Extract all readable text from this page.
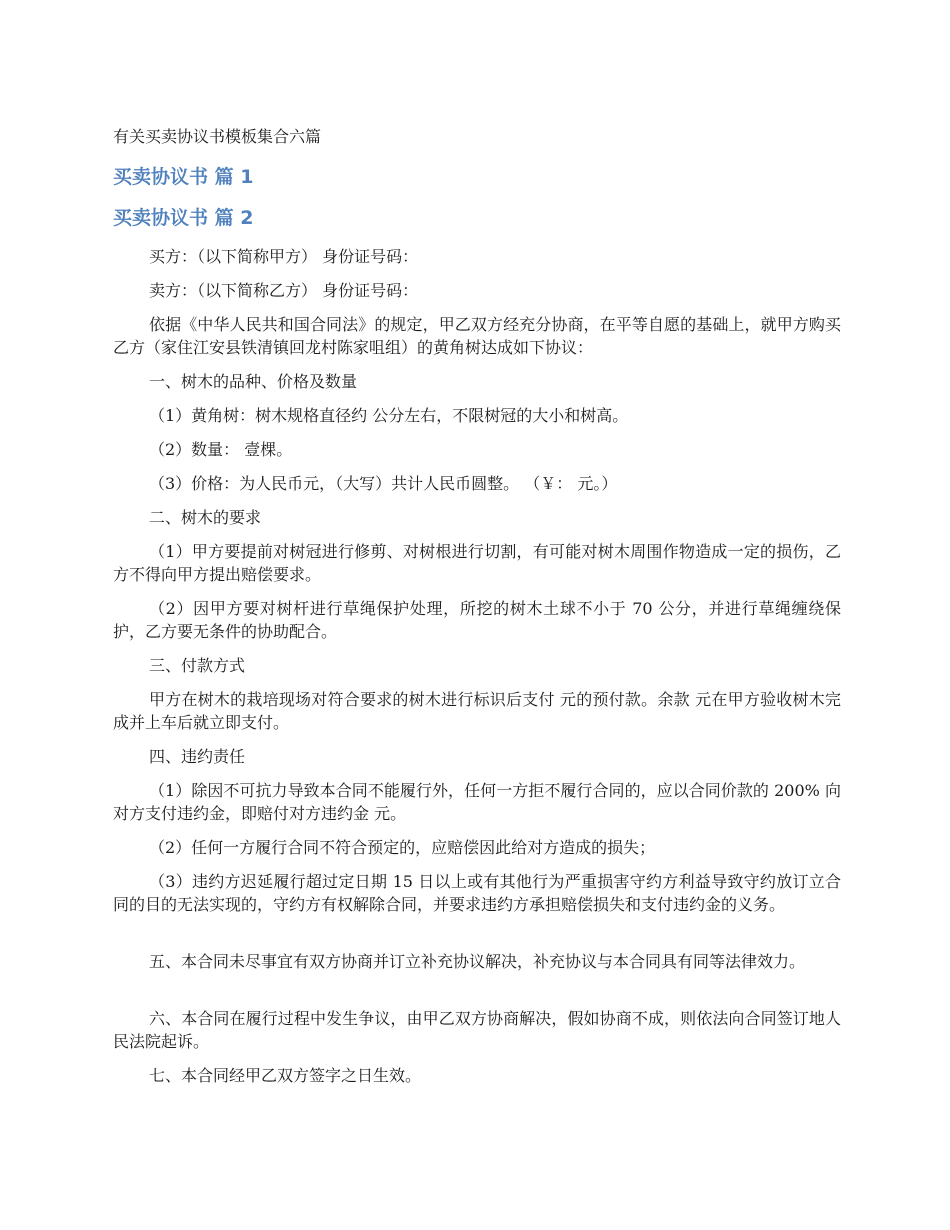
有关买卖协议书模板集合六篇
买卖协议书 篇 1
买卖协议书 篇 2

买方：（以下简称甲方） 身份证号码：

卖方：（以下简称乙方） 身份证号码：

依据《中华人民共和国合同法》的规定，甲乙双方经充分协商，在平等自愿的基础上，就甲方购买乙方（家住江安县铁清镇回龙村陈家咀组）的黄角树达成如下协议：

一、树木的品种、价格及数量

（1）黄角树：树木规格直径约 公分左右，不限树冠的大小和树高。

（2）数量： 壹棵。

（3）价格：为人民币元，（大写）共计人民币圆整。 （￥： 元。）

二、树木的要求

（1）甲方要提前对树冠进行修剪、对树根进行切割，有可能对树木周围作物造成一定的损伤，乙方不得向甲方提出赔偿要求。

（2）因甲方要对树杆进行草绳保护处理，所挖的树木土球不小于 70 公分，并进行草绳缠绕保护，乙方要无条件的协助配合。

三、付款方式

甲方在树木的栽培现场对符合要求的树木进行标识后支付 元的预付款。余款 元在甲方验收树木完成并上车后就立即支付。

四、违约责任

（1）除因不可抗力导致本合同不能履行外，任何一方拒不履行合同的，应以合同价款的 200% 向对方支付违约金，即赔付对方违约金 元。

（2）任何一方履行合同不符合预定的，应赔偿因此给对方造成的损失；

（3）违约方迟延履行超过定日期 15 日以上或有其他行为严重损害守约方利益导致守约放订立合同的目的无法实现的，守约方有权解除合同，并要求违约方承担赔偿损失和支付违约金的义务。

五、本合同未尽事宜有双方协商并订立补充协议解决，补充协议与本合同具有同等法律效力。

六、本合同在履行过程中发生争议，由甲乙双方协商解决，假如协商不成，则依法向合同签订地人民法院起诉。

七、本合同经甲乙双方签字之日生效。
